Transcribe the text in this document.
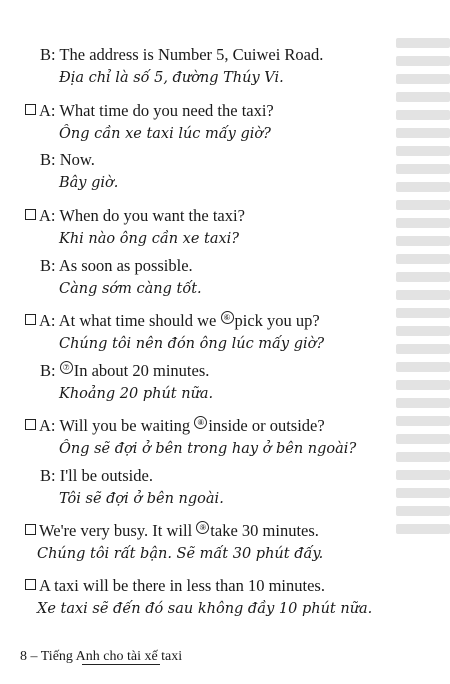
B: The address is Number 5, Cuiwei Road.
Địa chỉ là số 5, đường Thúy Vi.
A: What time do you need the taxi?
Ông cần xe taxi lúc mấy giờ?
B: Now.
Bây giờ.
A: When do you want the taxi?
Khi nào ông cần xe taxi?
B: As soon as possible.
Càng sớm càng tốt.
A: At what time should we ⑥ pick you up?
Chúng tôi nên đón ông lúc mấy giờ?
B: ⑦ In about 20 minutes.
Khoảng 20 phút nữa.
A: Will you be waiting ⑧ inside or outside?
Ông sẽ đợi ở bên trong hay ở bên ngoài?
B: I'll be outside.
Tôi sẽ đợi ở bên ngoài.
We're very busy. It will ⑨ take 30 minutes.
Chúng tôi rất bận. Sẽ mất 30 phút đấy.
A taxi will be there in less than 10 minutes.
Xe taxi sẽ đến đó sau không đầy 10 phút nữa.
8 – Tiếng Anh cho tài xế taxi
